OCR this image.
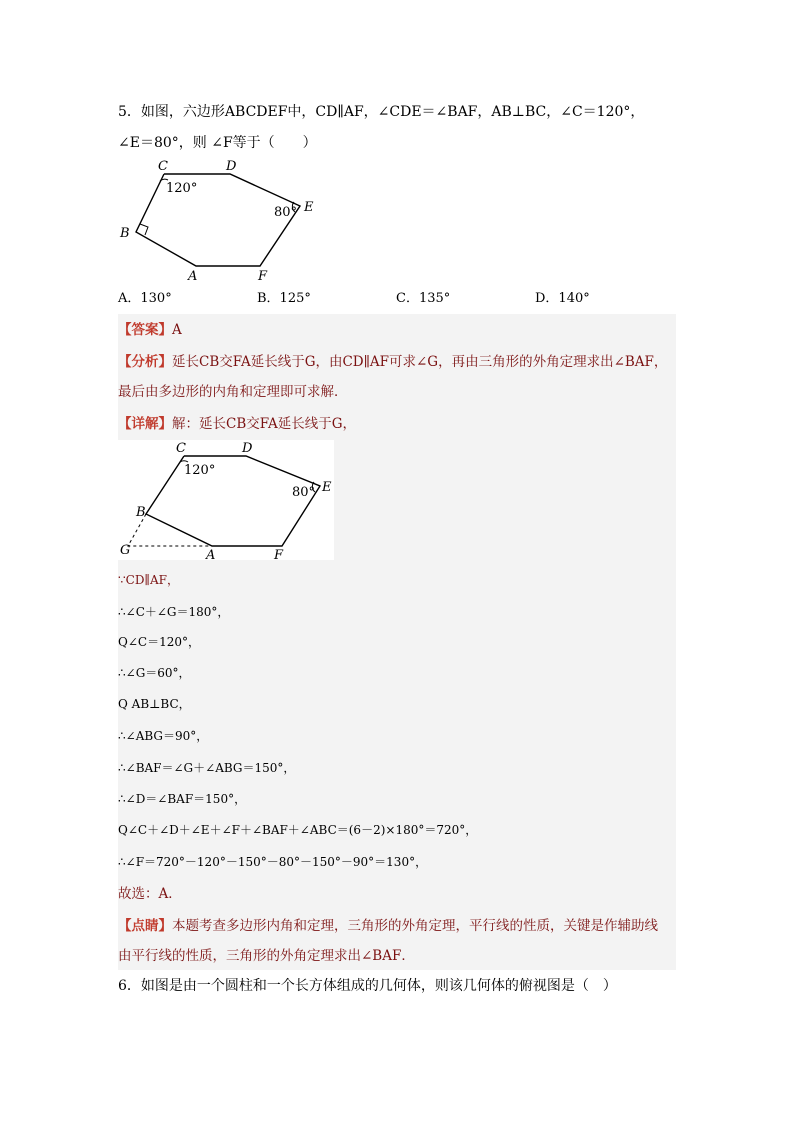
5．如图，六边形ABCDEF中，CD∥AF，∠CDE＝∠BAF，AB⊥BC，∠C＝120°，
∠E＝80°，则 ∠F等于（　　）
C	D
E
B
A	F
120°
80°
A．130°	B．125°	C．135°	D．140°
【答案】A
【分析】延长CB交FA延长线于G，由CD∥AF可求∠G，再由三角形的外角定理求出∠BAF，
最后由多边形的内角和定理即可求解．
【详解】解：延长CB交FA延长线于G，
C	D
E
B
G	A	F
120°
80°
∵CD∥AF，
∴∠C＋∠G＝180°，
Q∠C＝120°，
∴∠G＝60°，
Q AB⊥BC，
∴∠ABG＝90°，
∴∠BAF＝∠G＋∠ABG＝150°，
∴∠D＝∠BAF＝150°，
Q∠C＋∠D＋∠E＋∠F＋∠BAF＋∠ABC＝(6－2)×180°＝720°，
∴∠F＝720°－120°－150°－80°－150°－90°＝130°，
故选：A．
【点睛】本题考查多边形内角和定理，三角形的外角定理，平行线的性质，关键是作辅助线
由平行线的性质，三角形的外角定理求出∠BAF．
6．如图是由一个圆柱和一个长方体组成的几何体，则该几何体的俯视图是（　）
